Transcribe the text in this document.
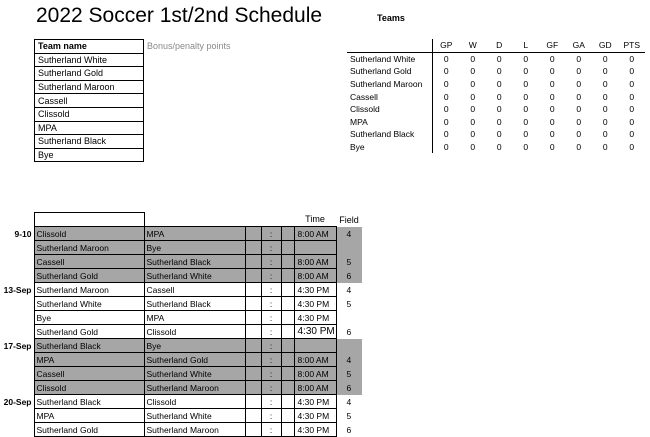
2022 Soccer 1st/2nd Schedule	Teams
Team name	Bonus/penalty points
Sutherland White	
Sutherland Gold	
Sutherland Maroon	
Cassell	
Clissold	
MPA	
Sutherland Black	
Bye	
	GP	W	D	L	GF	GA	GD	PTS
Sutherland White	0	0	0	0	0	0	0	0
Sutherland Gold	0	0	0	0	0	0	0	0
Sutherland Maroon	0	0	0	0	0	0	0	0
Cassell	0	0	0	0	0	0	0	0
Clissold	0	0	0	0	0	0	0	0
MPA	0	0	0	0	0	0	0	0
Sutherland Black	0	0	0	0	0	0	0	0
Bye	0	0	0	0	0	0	0	0
						Time	Field
9-10	Clissold	MPA		:		8:00 AM	4
	Sutherland Maroon	Bye		:			
	Cassell	Sutherland Black		:		8:00 AM	5
	Sutherland Gold	Sutherland White		:		8:00 AM	6
13-Sep	Sutherland Maroon	Cassell		:		4:30 PM	4
	Sutherland White	Sutherland Black		:		4:30 PM	5
	Bye	MPA		:		4:30 PM	
	Sutherland Gold	Clissold		:		4:30 PM	6
17-Sep	Sutherland Black	Bye		:			
	MPA	Sutherland Gold		:		8:00 AM	4
	Cassell	Sutherland White		:		8:00 AM	5
	Clissold	Sutherland Maroon		:		8:00 AM	6
20-Sep	Sutherland Black	Clissold		:		4:30 PM	4
	MPA	Sutherland White		:		4:30 PM	5
	Sutherland Gold	Sutherland Maroon		:		4:30 PM	6
